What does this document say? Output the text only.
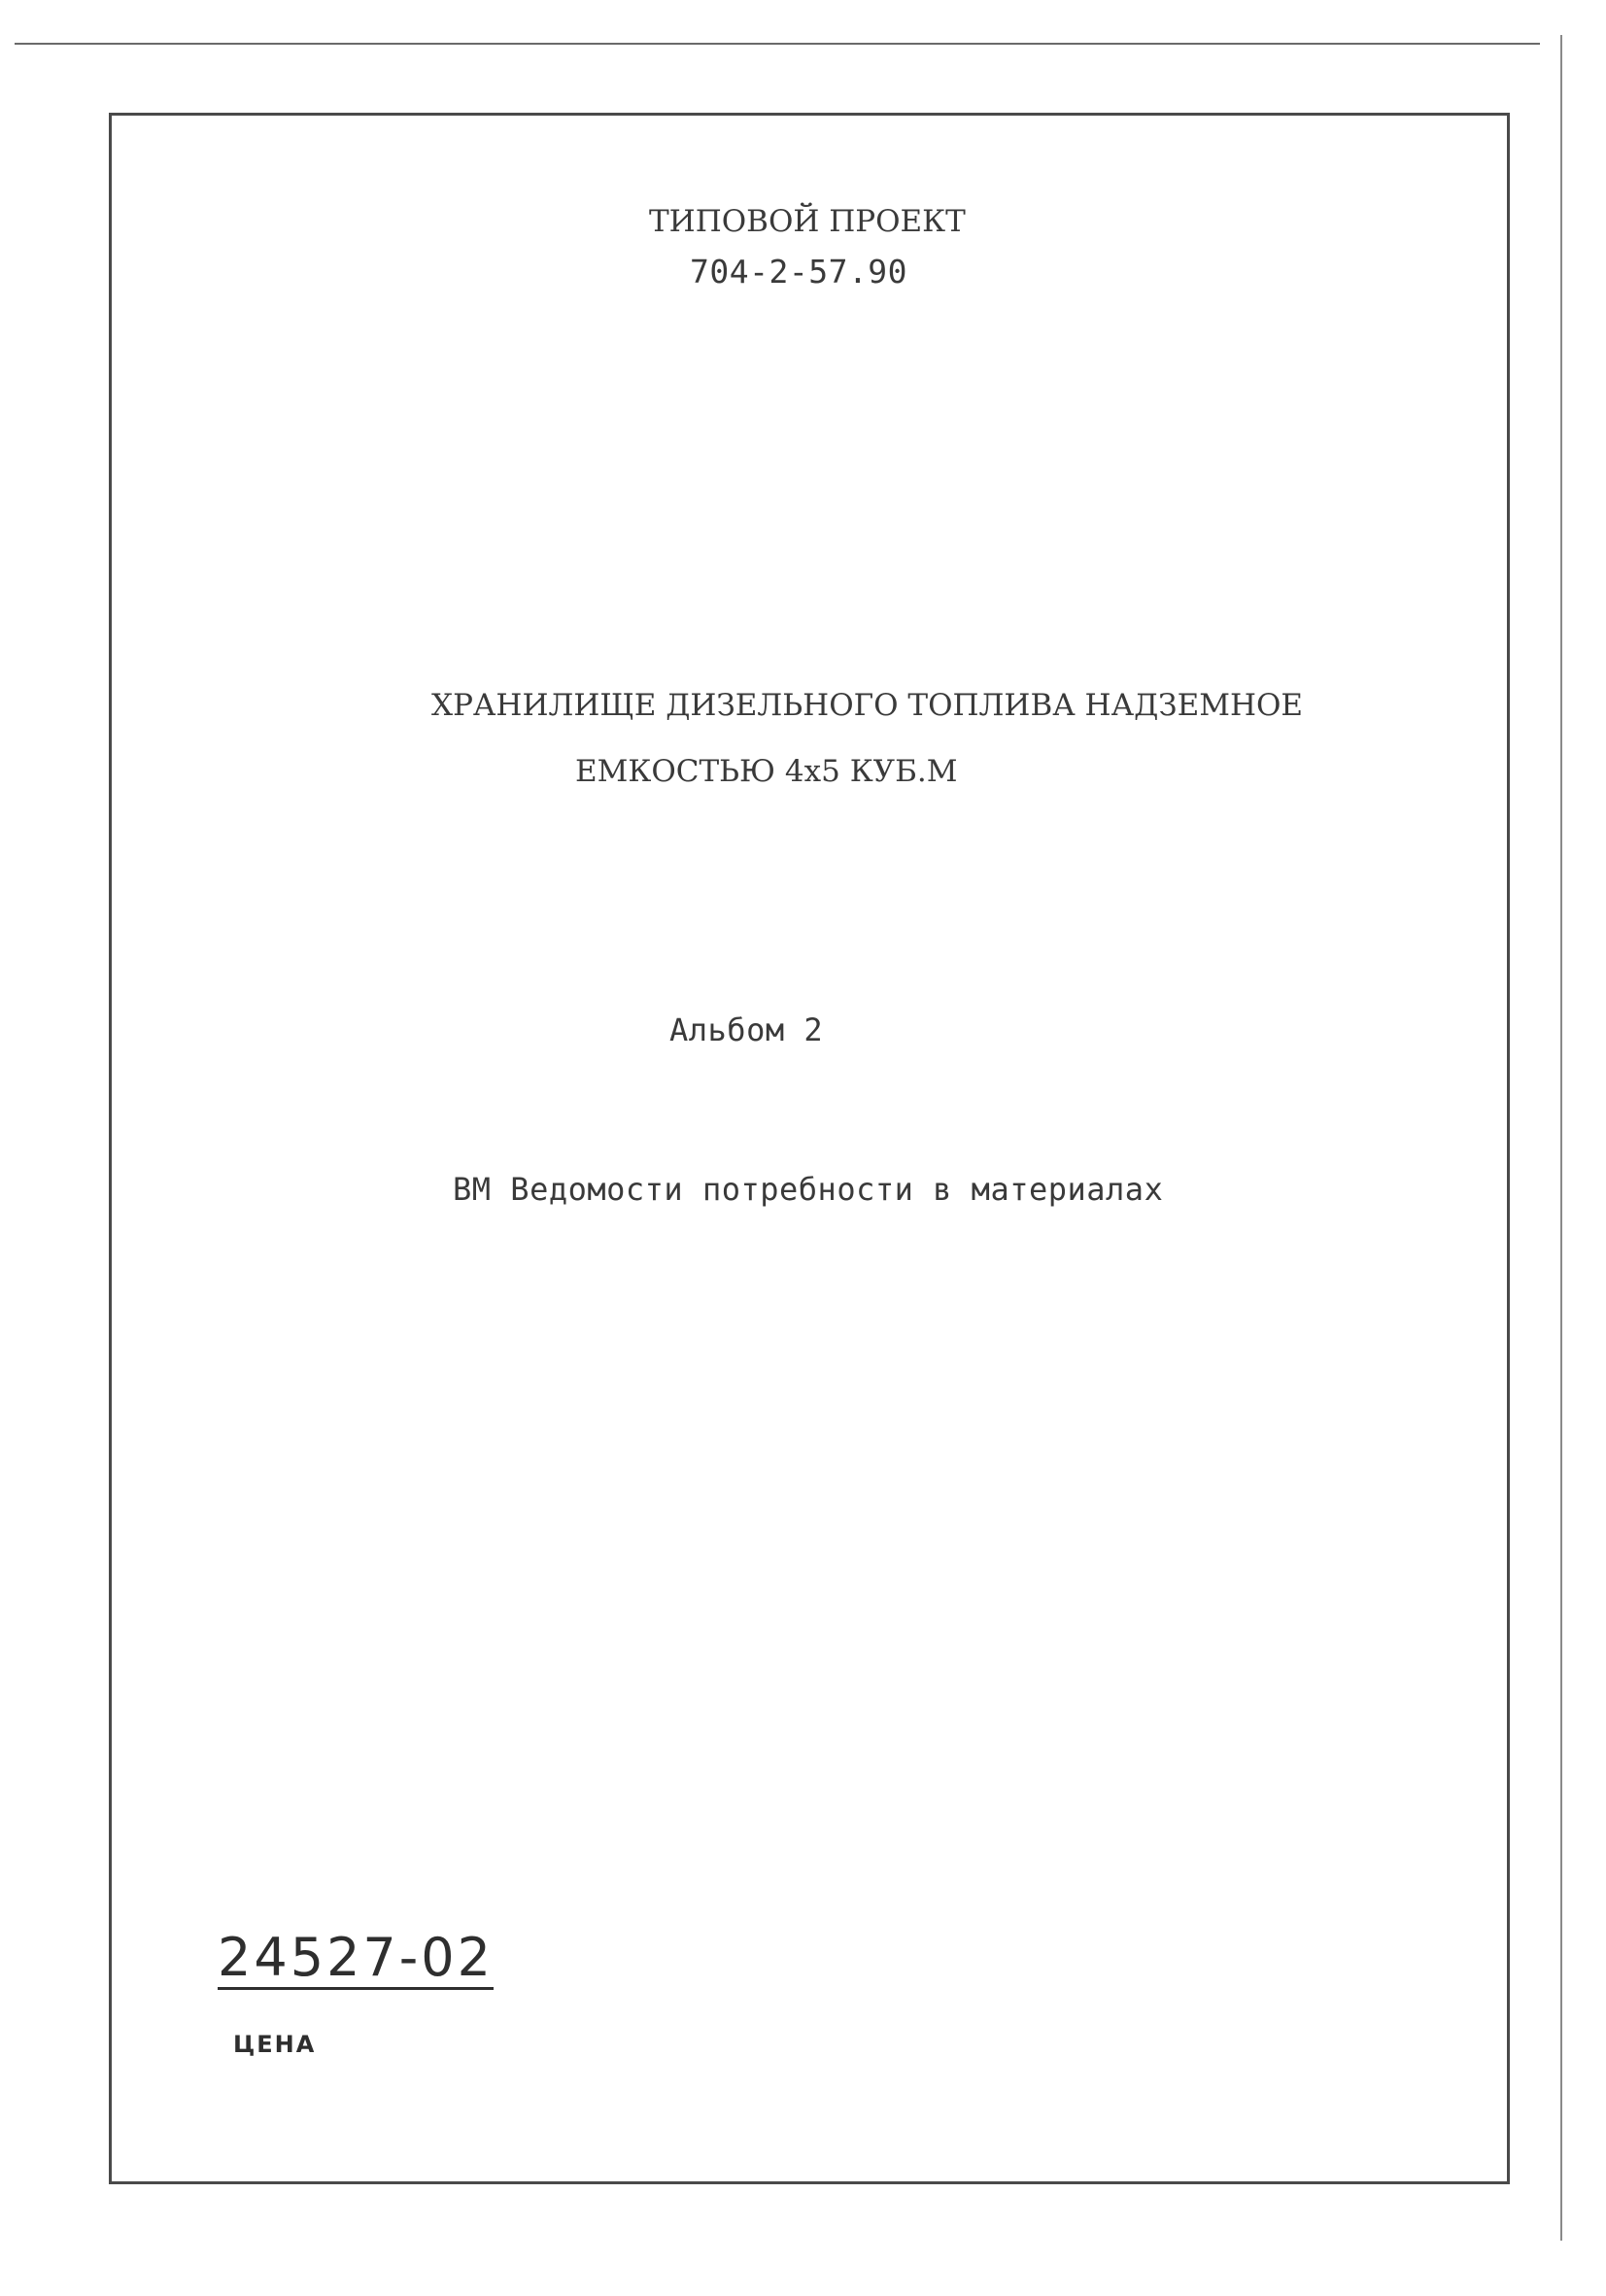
ТИПОВОЙ ПРОЕКТ
704-2-57.90
ХРАНИЛИЩЕ ДИЗЕЛЬНОГО ТОПЛИВА НАДЗЕМНОЕ
ЕМКОСТЬЮ 4х5 КУБ.М
Альбом 2
ВМ Ведомости потребности в материалах
24527-02
ЦЕНА
